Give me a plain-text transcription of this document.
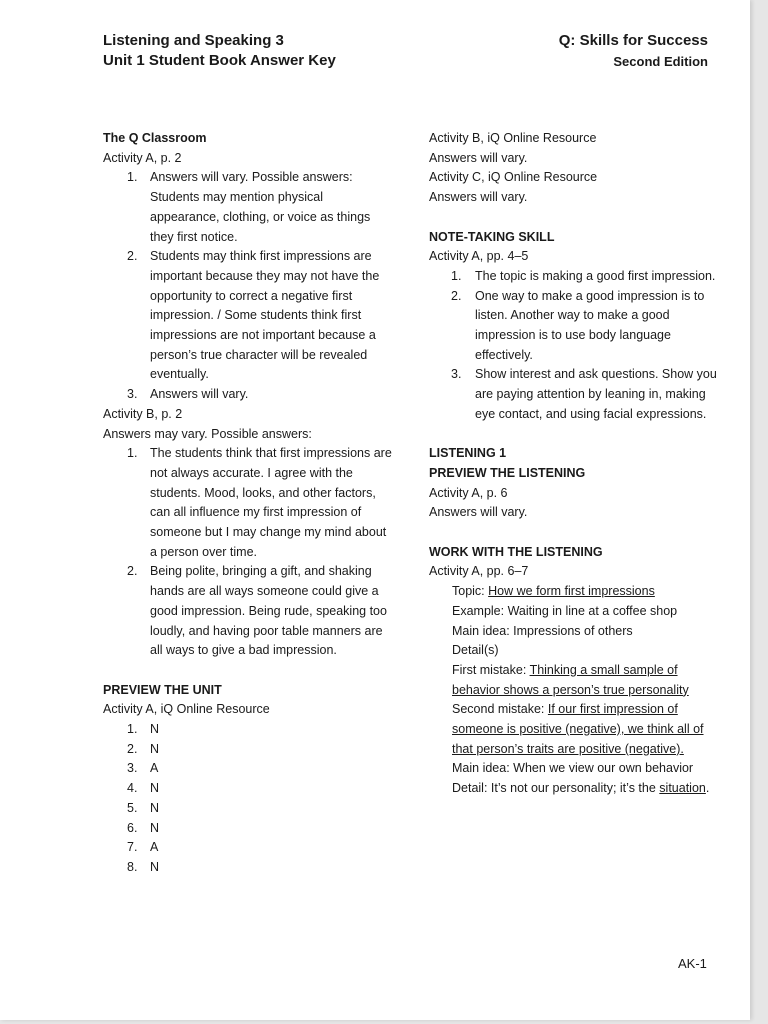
Listening and Speaking 3
Unit 1 Student Book Answer Key
Q: Skills for Success
Second Edition
The Q Classroom
Activity A, p. 2
1. Answers will vary. Possible answers: Students may mention physical appearance, clothing, or voice as things they first notice.
2. Students may think first impressions are important because they may not have the opportunity to correct a negative first impression. / Some students think first impressions are not important because a person’s true character will be revealed eventually.
3. Answers will vary.
Activity B, p. 2
Answers may vary. Possible answers:
1. The students think that first impressions are not always accurate. I agree with the students. Mood, looks, and other factors, can all influence my first impression of someone but I may change my mind about a person over time.
2. Being polite, bringing a gift, and shaking hands are all ways someone could give a good impression. Being rude, speaking too loudly, and having poor table manners are all ways to give a bad impression.
PREVIEW THE UNIT
Activity A, iQ Online Resource
1. N
2. N
3. A
4. N
5. N
6. N
7. A
8. N
Activity B, iQ Online Resource
Answers will vary.
Activity C, iQ Online Resource
Answers will vary.
NOTE-TAKING SKILL
Activity A, pp. 4–5
1. The topic is making a good first impression.
2. One way to make a good impression is to listen. Another way to make a good impression is to use body language effectively.
3. Show interest and ask questions. Show you are paying attention by leaning in, making eye contact, and using facial expressions.
LISTENING 1
PREVIEW THE LISTENING
Activity A, p. 6
Answers will vary.
WORK WITH THE LISTENING
Activity A, pp. 6–7
Topic: How we form first impressions
Example: Waiting in line at a coffee shop
Main idea: Impressions of others
Detail(s)
First mistake: Thinking a small sample of behavior shows a person’s true personality
Second mistake: If our first impression of someone is positive (negative), we think all of that person’s traits are positive (negative).
Main idea: When we view our own behavior
Detail: It’s not our personality; it’s the situation.
AK-1
